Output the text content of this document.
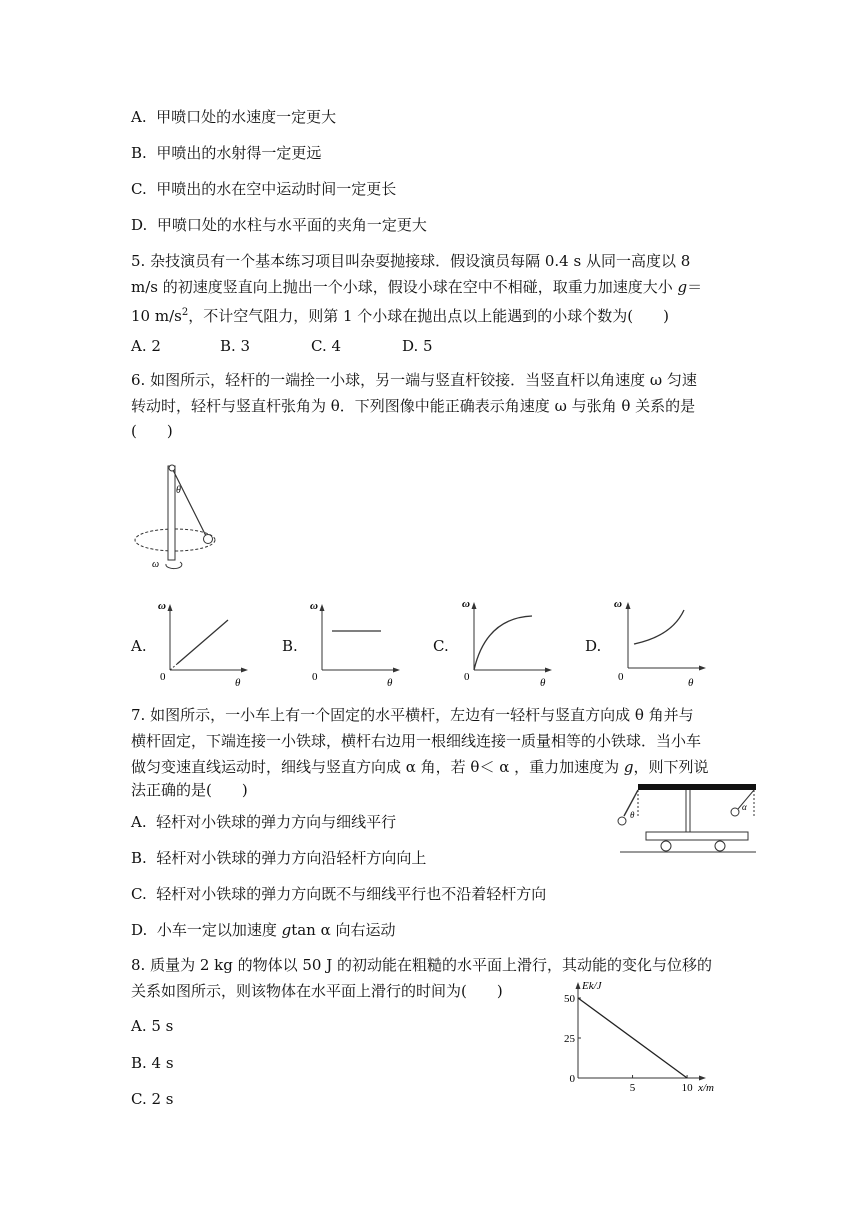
A. 甲喷口处的水速度一定更大
B. 甲喷出的水射得一定更远
C. 甲喷出的水在空中运动时间一定更长
D. 甲喷口处的水柱与水平面的夹角一定更大
5. 杂技演员有一个基本练习项目叫杂耍抛接球．假设演员每隔 0.4 s 从同一高度以 8
m/s 的初速度竖直向上抛出一个小球，假设小球在空中不相碰，取重力加速度大小 g＝
10 $m/s^2$，不计空气阻力，则第 1 个小球在抛出点以上能遇到的小球个数为(　　)
A. 2	B. 3	C. 4	D. 5
6. 如图所示，轻杆的一端拴一小球，另一端与竖直杆铰接．当竖直杆以角速度 ω 匀速
转动时，轻杆与竖直杆张角为 θ．下列图像中能正确表示角速度 ω 与张角 θ 关系的是
(　　)
θ
ω
A.
ω
0	θ
B.
ω
0	θ
C.
ω
0	θ
D.
ω
0	θ
7. 如图所示，一小车上有一个固定的水平横杆，左边有一轻杆与竖直方向成 θ 角并与
横杆固定，下端连接一小铁球，横杆右边用一根细线连接一质量相等的小铁球．当小车
做匀变速直线运动时，细线与竖直方向成 α 角，若 θ＜ α ，重力加速度为 g，则下列说
法正确的是(　　)
θ
α
A. 轻杆对小铁球的弹力方向与细线平行
B. 轻杆对小铁球的弹力方向沿轻杆方向向上
C. 轻杆对小铁球的弹力方向既不与细线平行也不沿着轻杆方向
D. 小车一定以加速度 gtan α 向右运动
8. 质量为 2 kg 的物体以 50 J 的初动能在粗糙的水平面上滑行，其动能的变化与位移的
关系如图所示，则该物体在水平面上滑行的时间为(　　)
A. 5 s
B. 4 s
C. 2 s
Ek/J
x/m
0
25
50
5	10
